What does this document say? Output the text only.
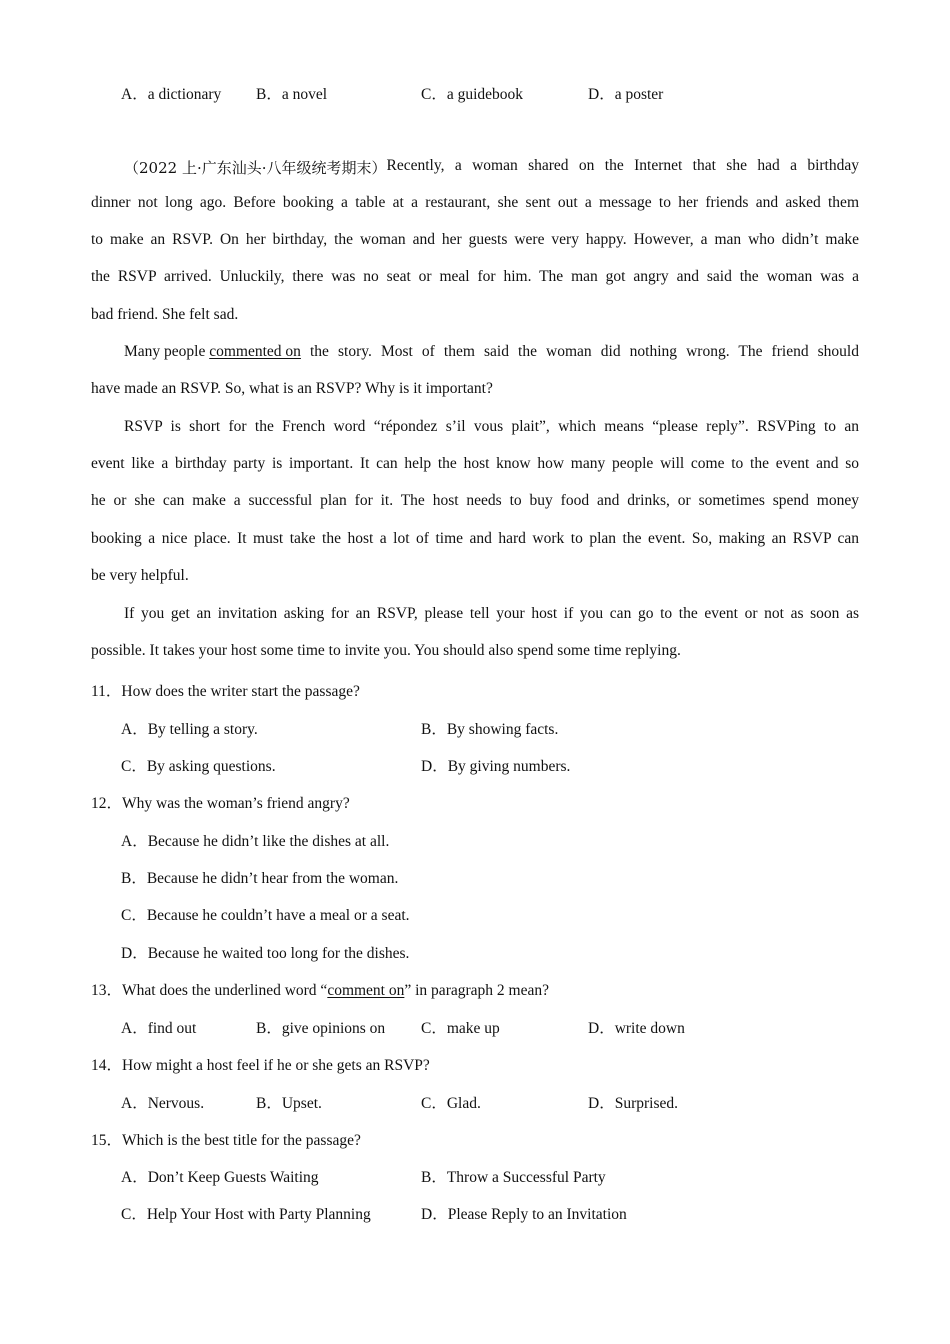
A．a dictionary B．a novel	C．a guidebook	D．a poster
（2022 上·广东汕头·八年级统考期末） Recently, a woman shared on the Internet that she had a birthday
dinner not long ago. Before booking a table at a restaurant, she sent out a message to her friends and asked them
to make an RSVP. On her birthday, the woman and her guests were very happy. However, a man who didn’t make
the RSVP arrived. Unluckily, there was no seat or meal for him. The man got angry and said the woman was a
bad friend. She felt sad.
Many people commented on the story. Most of them said the woman did nothing wrong. The friend should
have made an RSVP. So, what is an RSVP? Why is it important?
RSVP is short for the French word “répondez s’il vous plait”, which means “please reply”. RSVPing to an
event like a birthday party is important. It can help the host know how many people will come to the event and so
he or she can make a successful plan for it. The host needs to buy food and drinks, or sometimes spend money
booking a nice place. It must take the host a lot of time and hard work to plan the event. So, making an RSVP can
be very helpful.
If you get an invitation asking for an RSVP, please tell your host if you can go to the event or not as soon as
possible. It takes your host some time to invite you. You should also spend some time replying.
11．How does the writer start the passage?
A．By telling a story.	B．By showing facts.
C．By asking questions.	D．By giving numbers.
12．Why was the woman’s friend angry?
A．Because he didn’t like the dishes at all.
B．Because he didn’t hear from the woman.
C．Because he couldn’t have a meal or a seat.
D．Because he waited too long for the dishes.
13．What does the underlined word “comment on” in paragraph 2 mean?
A．find out	B．give opinions on C．make up	D．write down
14．How might a host feel if he or she gets an RSVP?
A．Nervous.	B．Upset.	C．Glad.	D．Surprised.
15．Which is the best title for the passage?
A．Don’t Keep Guests Waiting	B．Throw a Successful Party
C．Help Your Host with Party Planning	D．Please Reply to an Invitation
